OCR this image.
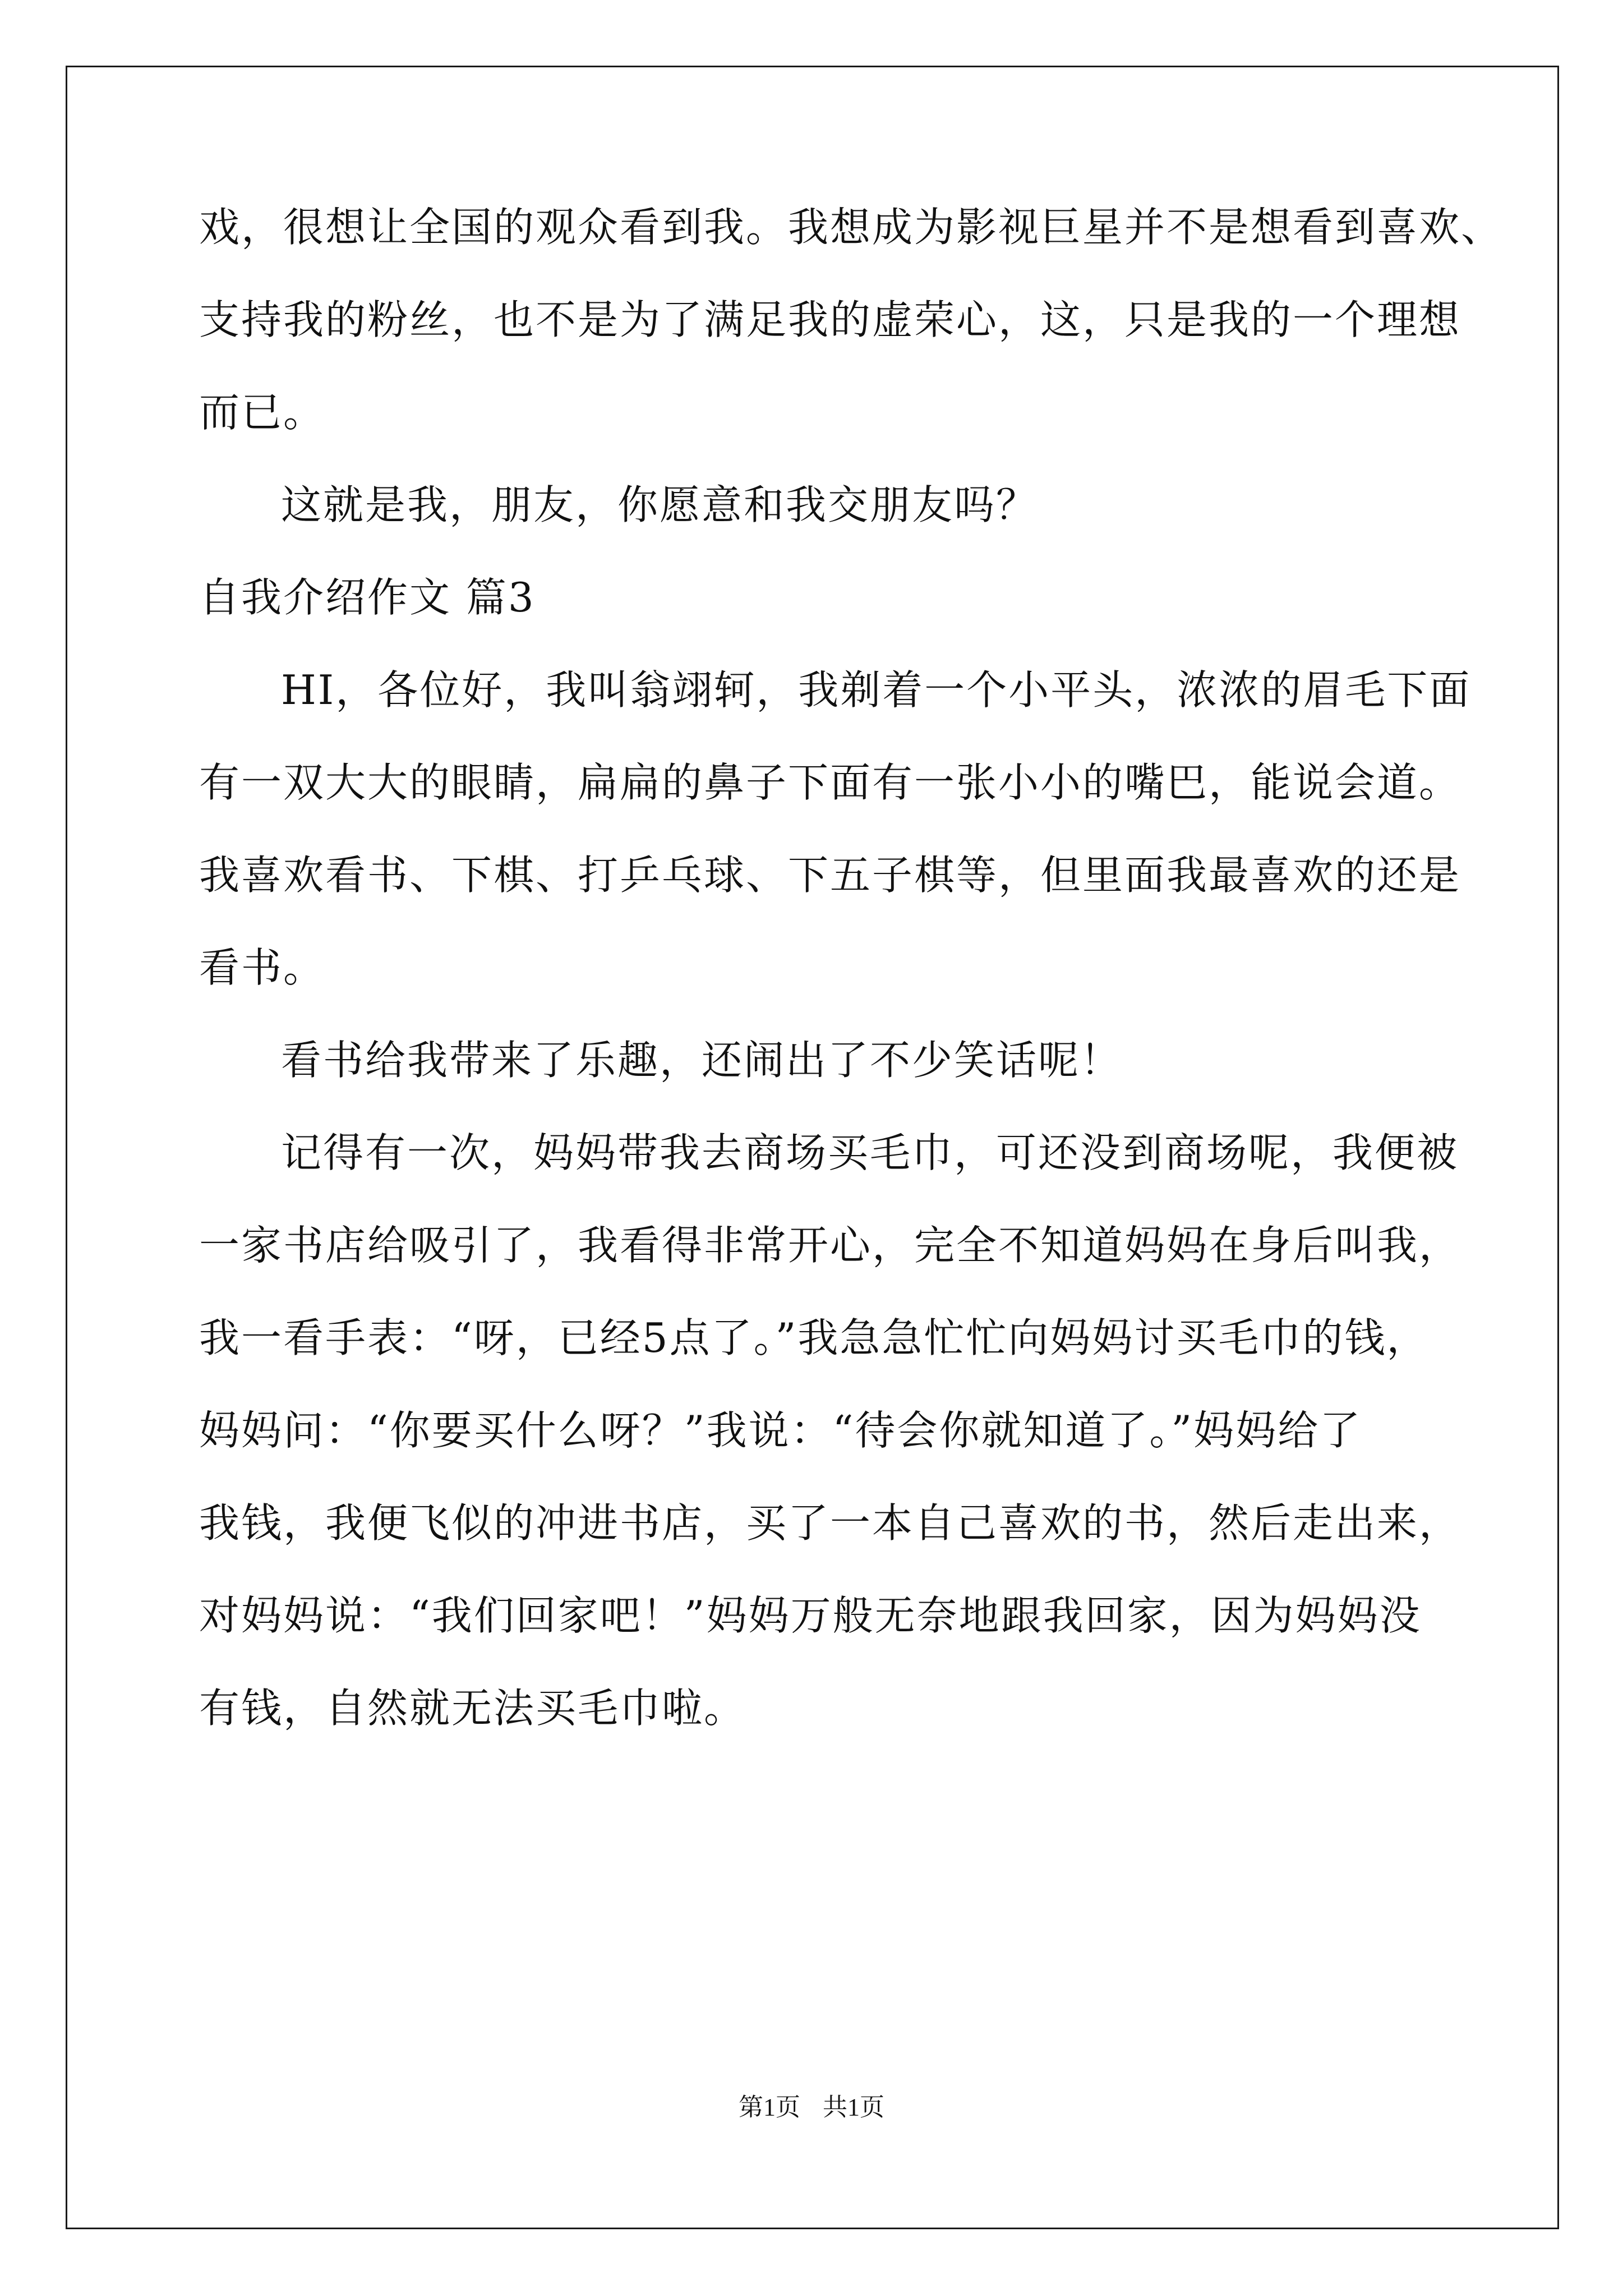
戏，很想让全国的观众看到我。我想成为影视巨星并不是想看到喜欢、
支持我的粉丝，也不是为了满足我的虚荣心，这，只是我的一个理想
而已。
这就是我，朋友，你愿意和我交朋友吗？
自我介绍作文 篇3
HI，各位好，我叫翁翊轲，我剃着一个小平头，浓浓的眉毛下面
有一双大大的眼睛，扁扁的鼻子下面有一张小小的嘴巴，能说会道。
我喜欢看书、下棋、打乒乓球、下五子棋等，但里面我最喜欢的还是
看书。
看书给我带来了乐趣，还闹出了不少笑话呢！
记得有一次，妈妈带我去商场买毛巾，可还没到商场呢，我便被
一家书店给吸引了，我看得非常开心，完全不知道妈妈在身后叫我，
我一看手表：“呀，已经5点了。”我急急忙忙向妈妈讨买毛巾的钱，
妈妈问：“你要买什么呀？”我说：“待会你就知道了。”妈妈给了
我钱，我便飞似的冲进书店，买了一本自己喜欢的书，然后走出来，
对妈妈说：“我们回家吧！”妈妈万般无奈地跟我回家，因为妈妈没
有钱，自然就无法买毛巾啦。
第1页 共1页
